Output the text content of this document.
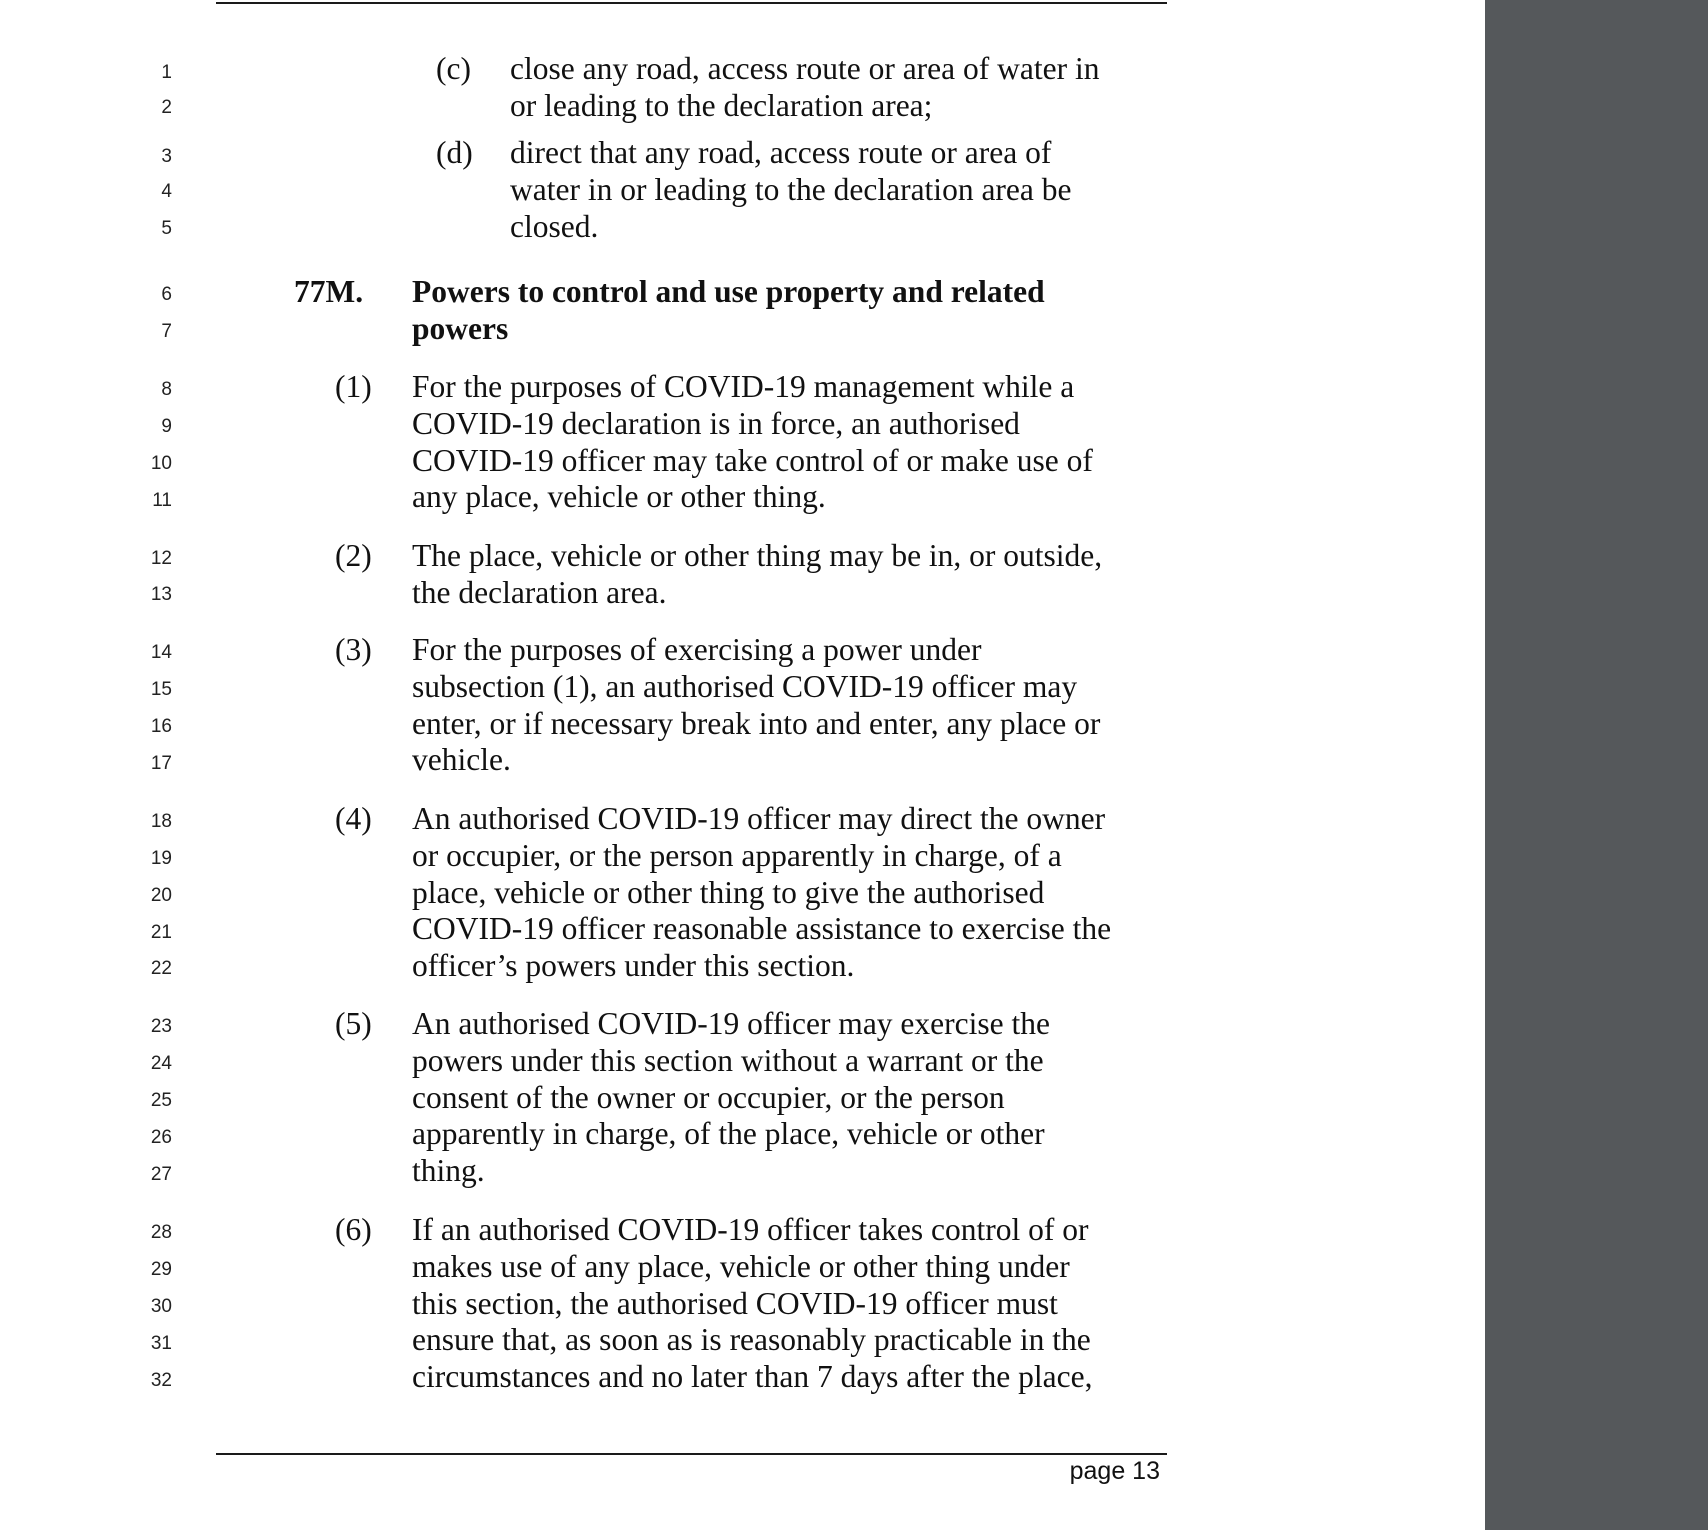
1
2
3
4
5
6
7
8
9
10
11
12
13
14
15
16
17
18
19
20
21
22
23
24
25
26
27
28
29
30
31
32
(c) close any road, access route or area of water in
or leading to the declaration area;
(d) direct that any road, access route or area of
water in or leading to the declaration area be
closed.
77M. Powers to control and use property and related
powers
(1) For the purposes of COVID-19 management while a
COVID-19 declaration is in force, an authorised
COVID-19 officer may take control of or make use of
any place, vehicle or other thing.
(2) The place, vehicle or other thing may be in, or outside,
the declaration area.
(3) For the purposes of exercising a power under
subsection (1), an authorised COVID-19 officer may
enter, or if necessary break into and enter, any place or
vehicle.
(4) An authorised COVID-19 officer may direct the owner
or occupier, or the person apparently in charge, of a
place, vehicle or other thing to give the authorised
COVID-19 officer reasonable assistance to exercise the
officer’s powers under this section.
(5) An authorised COVID-19 officer may exercise the
powers under this section without a warrant or the
consent of the owner or occupier, or the person
apparently in charge, of the place, vehicle or other
thing.
(6) If an authorised COVID-19 officer takes control of or
makes use of any place, vehicle or other thing under
this section, the authorised COVID-19 officer must
ensure that, as soon as is reasonably practicable in the
circumstances and no later than 7 days after the place,
page 13
